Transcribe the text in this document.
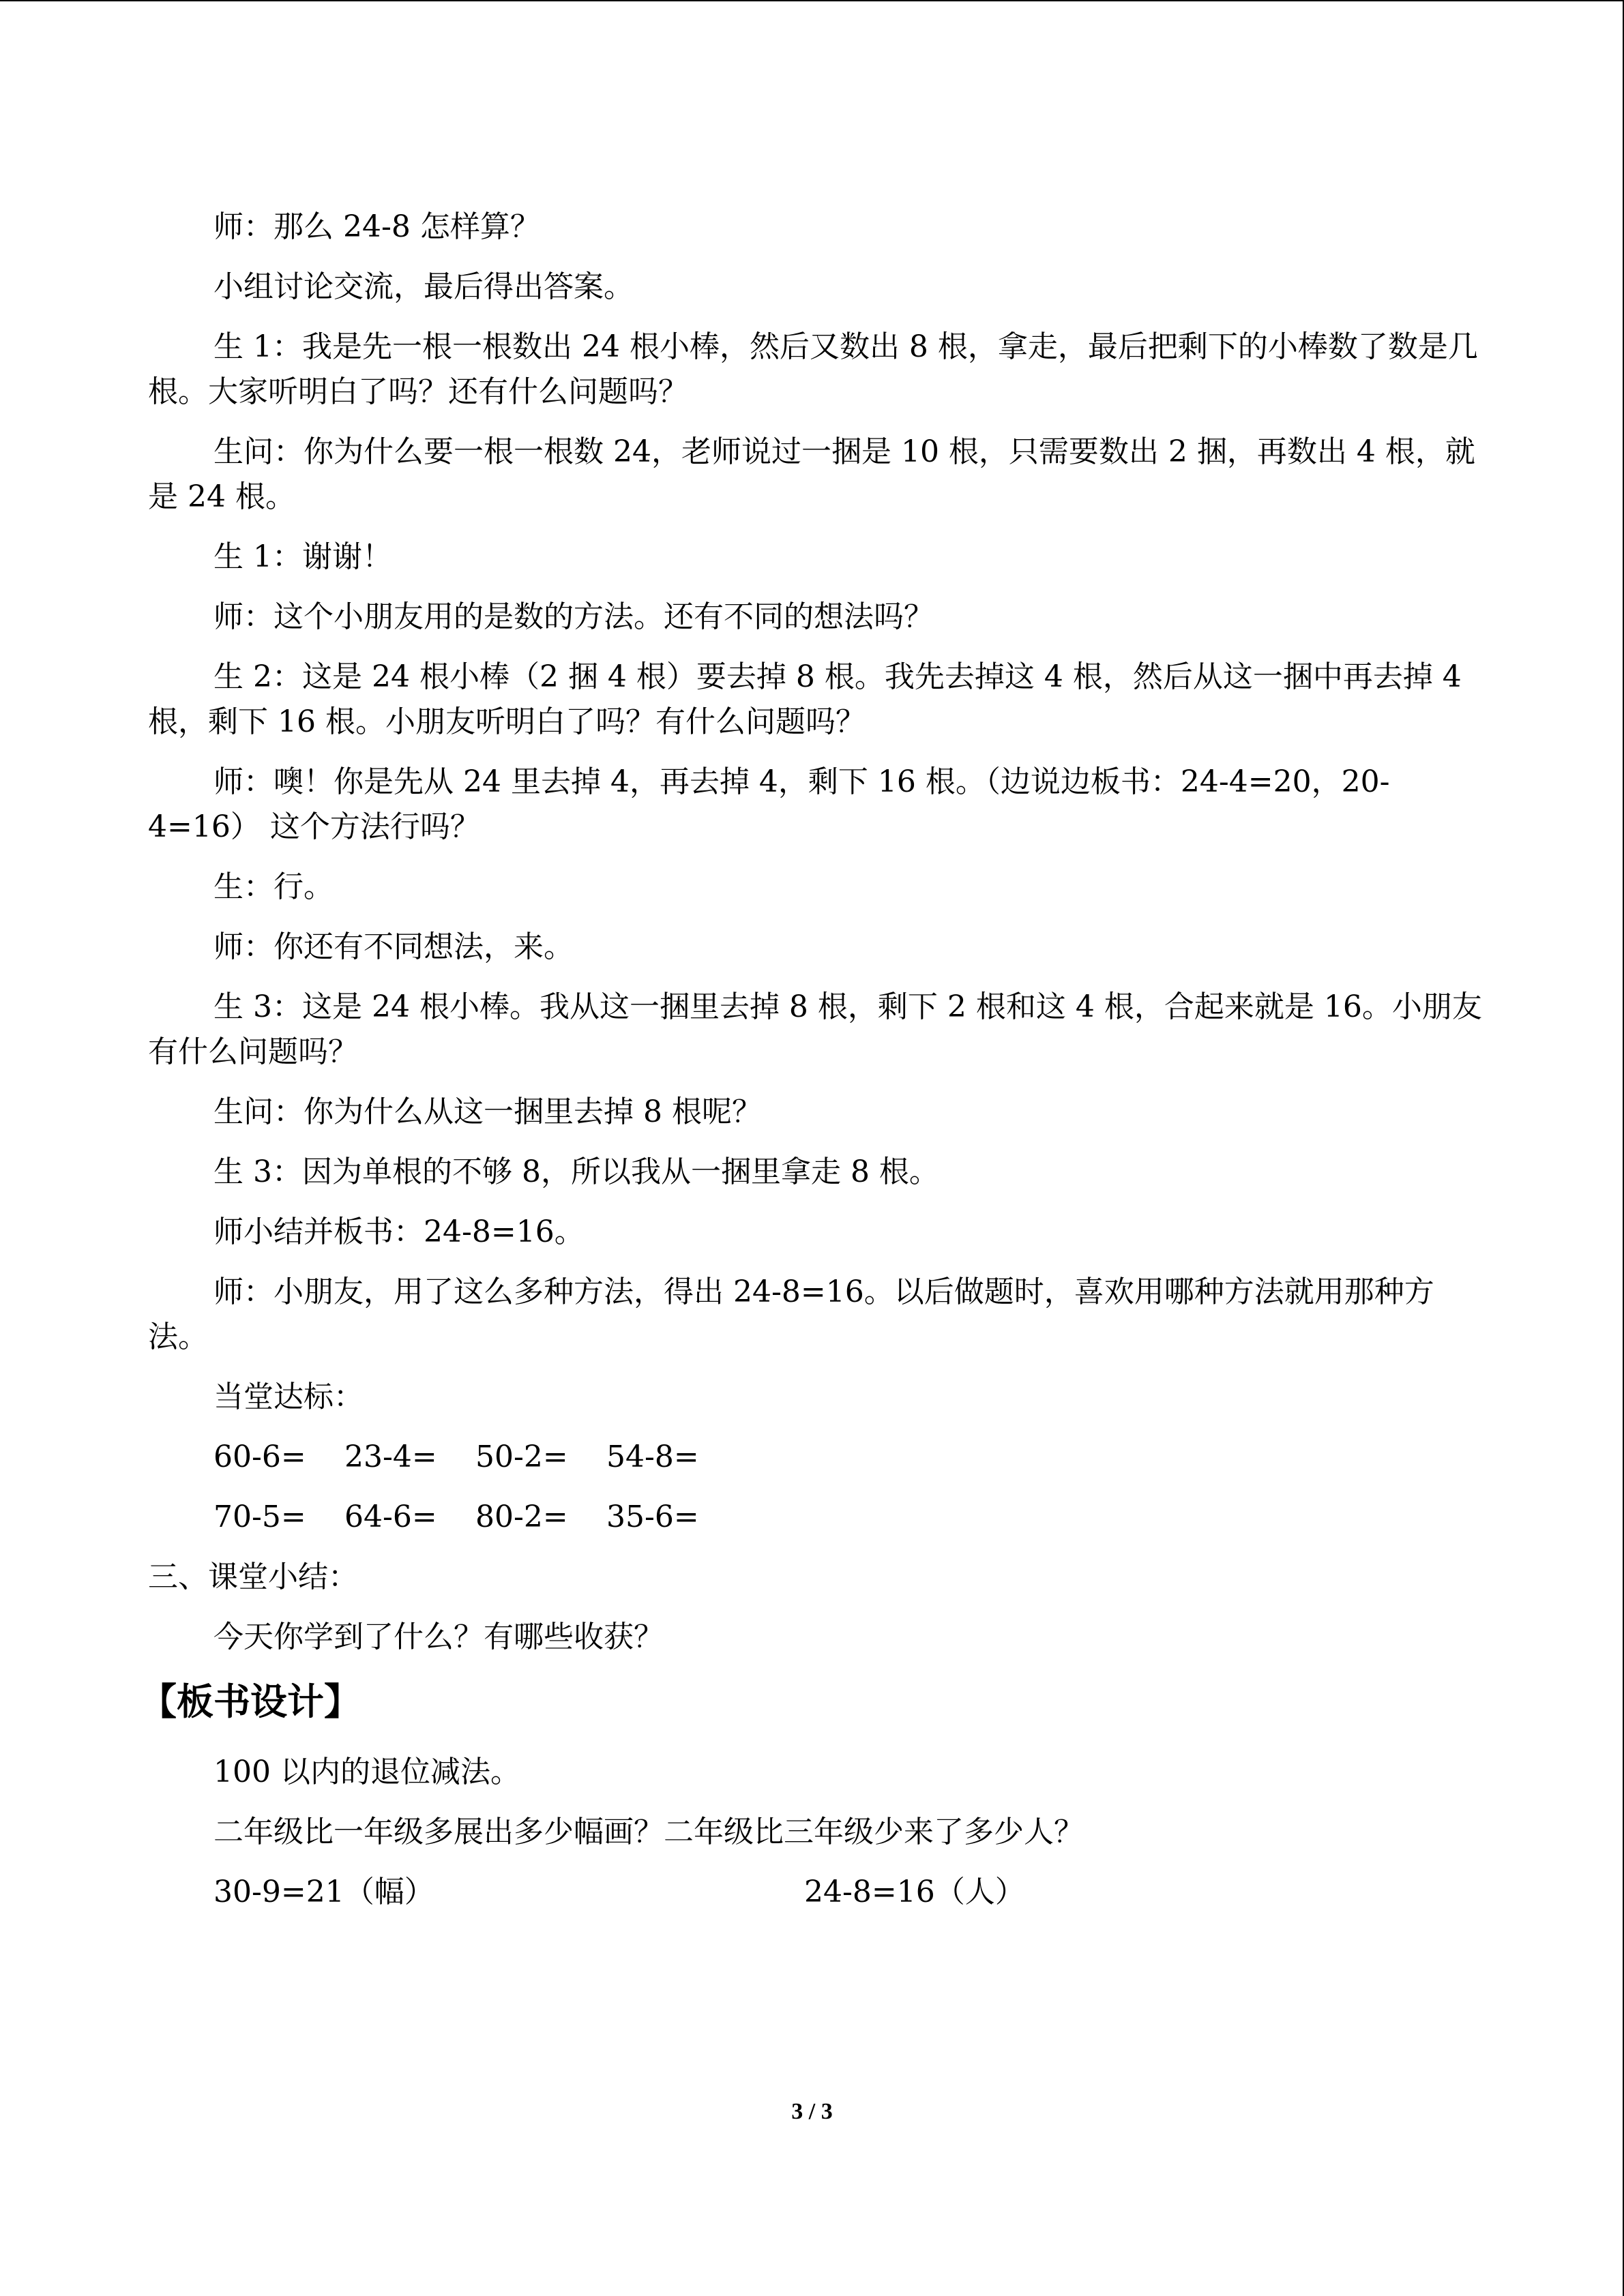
师：那么 24-8 怎样算？

小组讨论交流，最后得出答案。

生 1：我是先一根一根数出 24 根小棒，然后又数出 8 根，拿走，最后把剩下的小棒数了数是几根。大家听明白了吗？还有什么问题吗？

生问：你为什么要一根一根数 24，老师说过一捆是 10 根，只需要数出 2 捆，再数出 4 根，就是 24 根。

生 1：谢谢！

师：这个小朋友用的是数的方法。还有不同的想法吗？

生 2：这是 24 根小棒（2 捆 4 根）要去掉 8 根。我先去掉这 4 根，然后从这一捆中再去掉 4 根，剩下 16 根。小朋友听明白了吗？有什么问题吗？

师：噢！你是先从 24 里去掉 4，再去掉 4，剩下 16 根。（边说边板书：24-4=20，20-4=16） 这个方法行吗？

生：行。

师：你还有不同想法，来。

生 3：这是 24 根小棒。我从这一捆里去掉 8 根，剩下 2 根和这 4 根，合起来就是 16。小朋友有什么问题吗？

生问：你为什么从这一捆里去掉 8 根呢？

生 3：因为单根的不够 8，所以我从一捆里拿走 8 根。

师小结并板书：24-8=16。

师：小朋友，用了这么多种方法，得出 24-8=16。以后做题时，喜欢用哪种方法就用那种方法。

当堂达标：

60-6=	23-4=	50-2=	54-8=
70-5=	64-6=	80-2=	35-6=

三、课堂小结：

今天你学到了什么？有哪些收获？

【板书设计】

100 以内的退位减法。

二年级比一年级多展出多少幅画？二年级比三年级少来了多少人？

30-9=21（幅）	24-8=16（人）
3 / 3
